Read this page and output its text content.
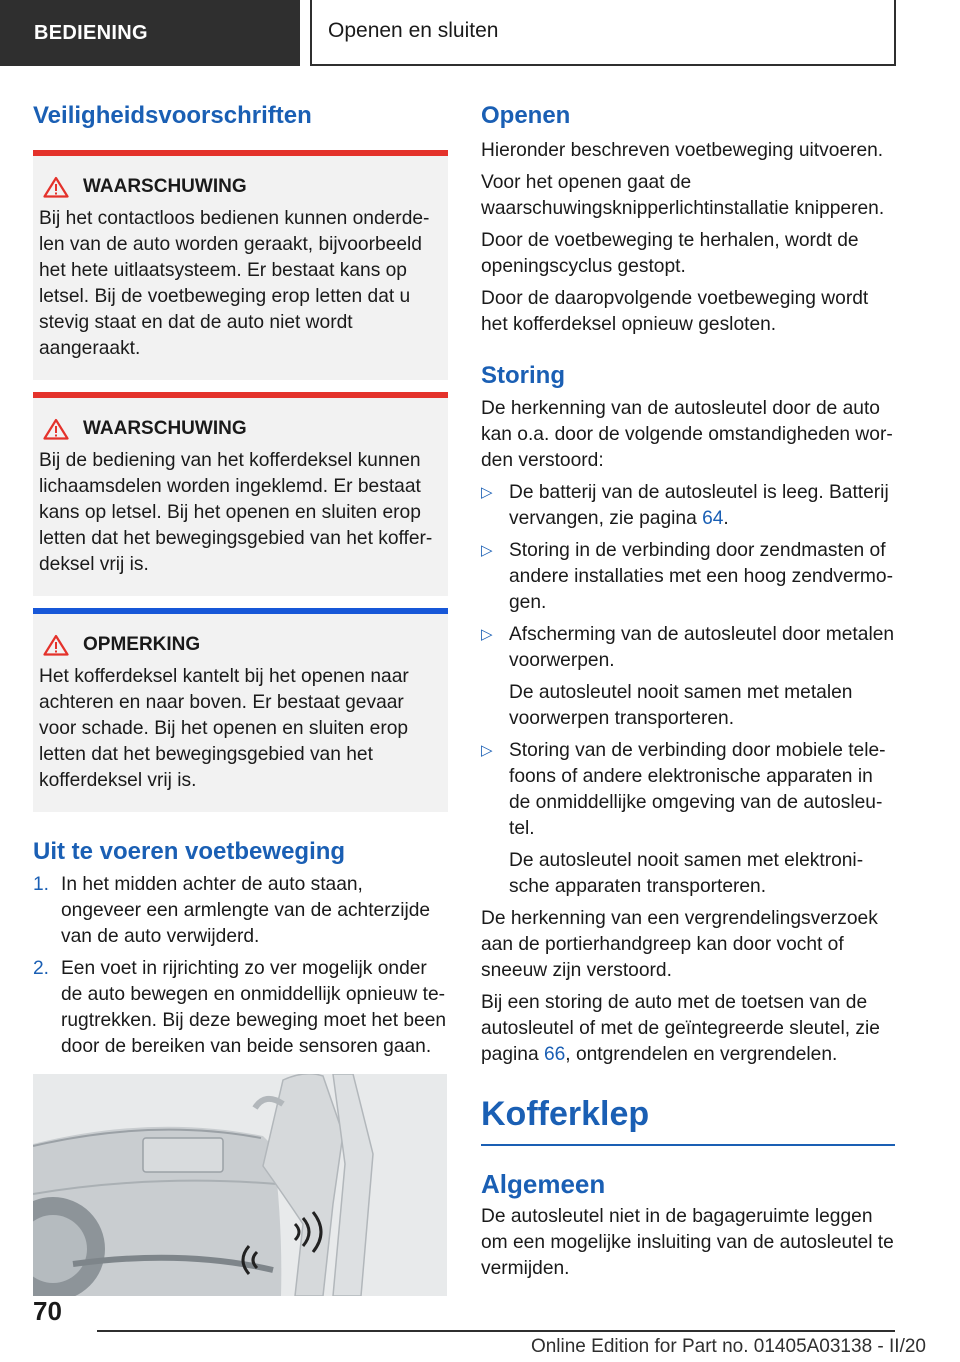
BEDIENING	Openen en sluiten
Veiligheidsvoorschriften
WAARSCHUWING
Bij het contactloos bedienen kunnen onderdelen van de auto worden geraakt, bijvoorbeeld het hete uitlaatsysteem. Er bestaat kans op letsel. Bij de voetbeweging erop letten dat u stevig staat en dat de auto niet wordt aangeraakt.
WAARSCHUWING
Bij de bediening van het kofferdeksel kunnen lichaamsdelen worden ingeklemd. Er bestaat kans op letsel. Bij het openen en sluiten erop letten dat het bewegingsgebied van het kofferdeksel vrij is.
OPMERKING
Het kofferdeksel kantelt bij het openen naar achteren en naar boven. Er bestaat gevaar voor schade. Bij het openen en sluiten erop letten dat het bewegingsgebied van het kofferdeksel vrij is.
Uit te voeren voetbeweging
1. In het midden achter de auto staan, ongeveer een armlengte van de achterzijde van de auto verwijderd.
2. Een voet in rijrichting zo ver mogelijk onder de auto bewegen en onmiddellijk opnieuw terugtrekken. Bij deze beweging moet het been door de bereiken van beide sensoren gaan.
Openen

Hieronder beschreven voetbeweging uitvoeren.

Voor het openen gaat de waarschuwingsknipperlichtinstallatie knipperen.

Door de voetbeweging te herhalen, wordt de openingscyclus gestopt.

Door de daaropvolgende voetbeweging wordt het kofferdeksel opnieuw gesloten.

Storing

De herkenning van de autosleutel door de auto kan o.a. door de volgende omstandigheden worden verstoord:

▷ De batterij van de autosleutel is leeg. Batterij vervangen, zie pagina 64.
▷ Storing in de verbinding door zendmasten of andere installaties met een hoog zendvermogen.
▷ Afscherming van de autosleutel door metalen voorwerpen.
De autosleutel nooit samen met metalen voorwerpen transporteren.
▷ Storing van de verbinding door mobiele telefoons of andere elektronische apparaten in de onmiddellijke omgeving van de autosleutel.
De autosleutel nooit samen met elektronische apparaten transporteren.

De herkenning van een vergrendelingsverzoek aan de portierhandgreep kan door vocht of sneeuw zijn verstoord.

Bij een storing de auto met de toetsen van de autosleutel of met de geïntegreerde sleutel, zie pagina 66, ontgrendelen en vergrendelen.

Kofferklep
Algemeen

De autosleutel niet in de bagageruimte leggen om een mogelijke insluiting van de autosleutel te vermijden.

70
Online Edition for Part no. 01405A03138 - II/20
